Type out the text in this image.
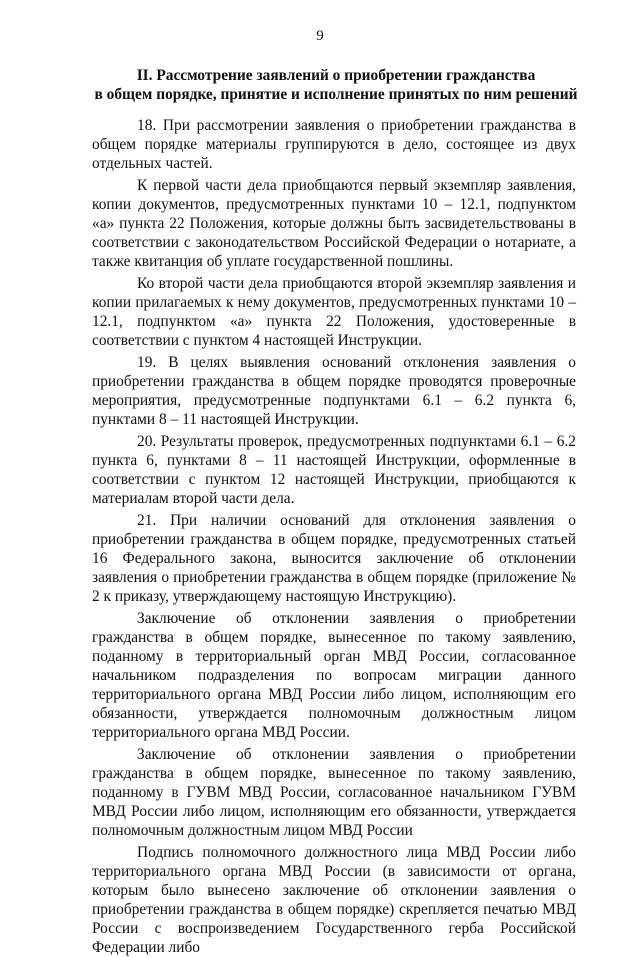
9
II. Рассмотрение заявлений о приобретении гражданства
в общем порядке, принятие и исполнение принятых по ним решений

18. При рассмотрении заявления о приобретении гражданства в общем порядке материалы группируются в дело, состоящее из двух отдельных частей.

К первой части дела приобщаются первый экземпляр заявления, копии документов, предусмотренных пунктами 10 – 12.1, подпунктом «а» пункта 22 Положения, которые должны быть засвидетельствованы в соответствии с законодательством Российской Федерации о нотариате, а также квитанция об уплате государственной пошлины.

Ко второй части дела приобщаются второй экземпляр заявления и копии прилагаемых к нему документов, предусмотренных пунктами 10 – 12.1, подпунктом «а» пункта 22 Положения, удостоверенные в соответствии с пунктом 4 настоящей Инструкции.

19. В целях выявления оснований отклонения заявления о приобретении гражданства в общем порядке проводятся проверочные мероприятия, предусмотренные подпунктами 6.1 – 6.2 пункта 6, пунктами 8 – 11 настоящей Инструкции.

20. Результаты проверок, предусмотренных подпунктами 6.1 – 6.2 пункта 6, пунктами 8 – 11 настоящей Инструкции, оформленные в соответствии с пунктом 12 настоящей Инструкции, приобщаются к материалам второй части дела.

21. При наличии оснований для отклонения заявления о приобретении гражданства в общем порядке, предусмотренных статьей 16 Федерального закона, выносится заключение об отклонении заявления о приобретении гражданства в общем порядке (приложение № 2 к приказу, утверждающему настоящую Инструкцию).

Заключение об отклонении заявления о приобретении гражданства в общем порядке, вынесенное по такому заявлению, поданному в территориальный орган МВД России, согласованное начальником подразделения по вопросам миграции данного территориального органа МВД России либо лицом, исполняющим его обязанности, утверждается полномочным должностным лицом территориального органа МВД России.

Заключение об отклонении заявления о приобретении гражданства в общем порядке, вынесенное по такому заявлению, поданному в ГУВМ МВД России, согласованное начальником ГУВМ МВД России либо лицом, исполняющим его обязанности, утверждается полномочным должностным лицом МВД России

Подпись полномочного должностного лица МВД России либо территориального органа МВД России (в зависимости от органа, которым было вынесено заключение об отклонении заявления о приобретении гражданства в общем порядке) скрепляется печатью МВД России с воспроизведением Государственного герба Российской Федерации либо
